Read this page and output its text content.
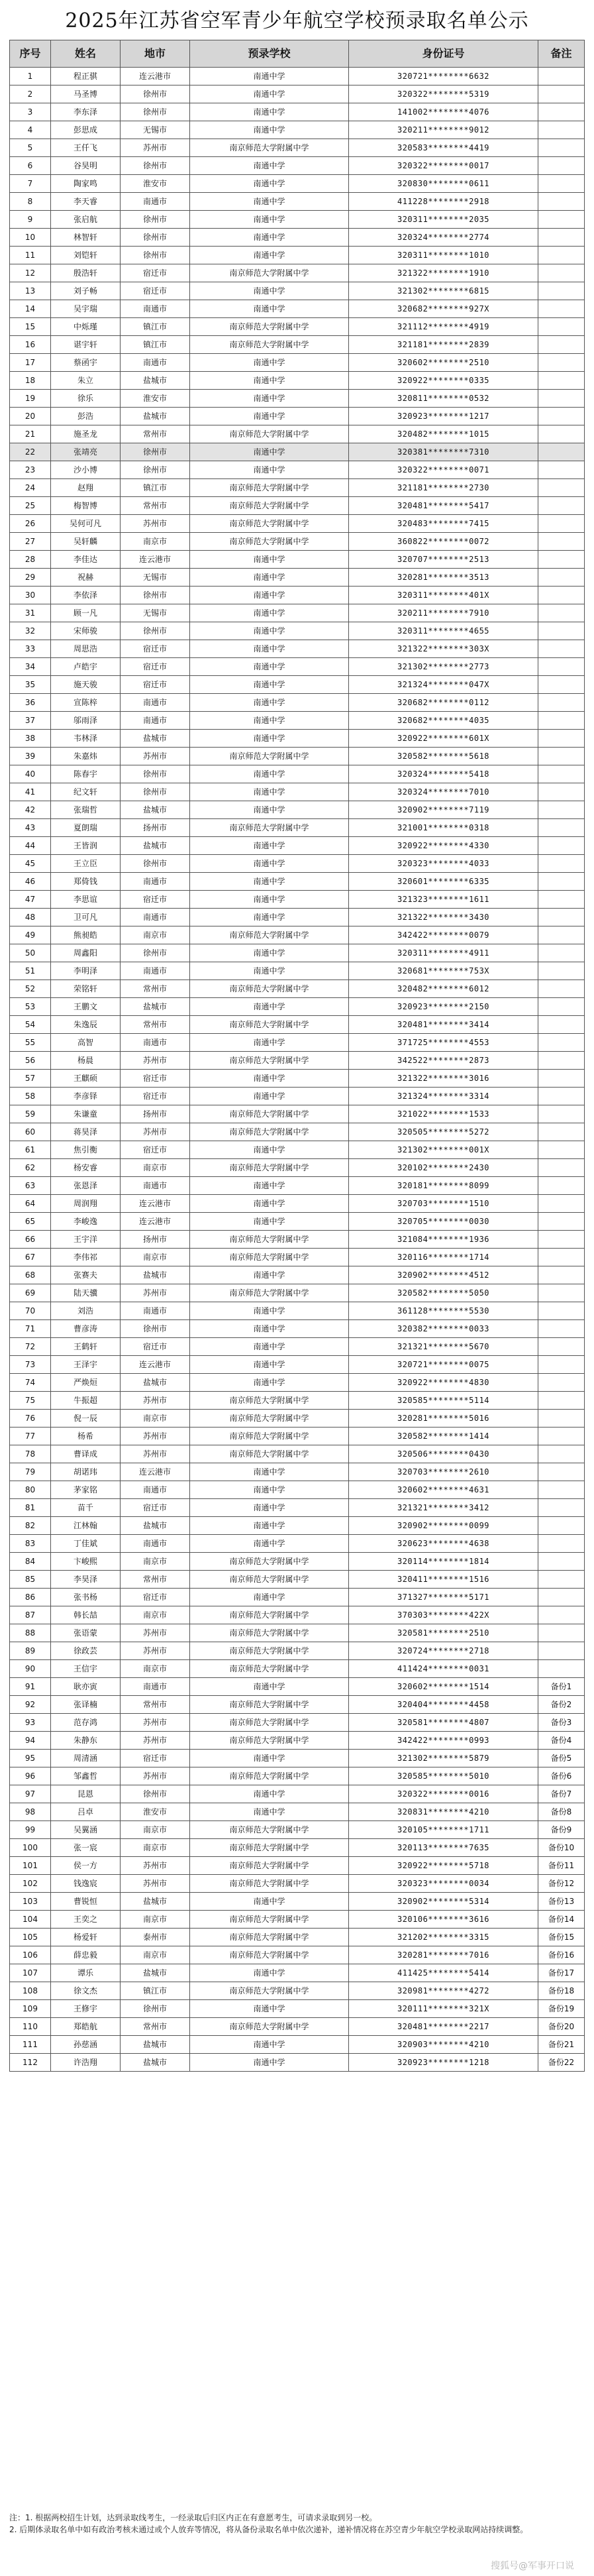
2025年江苏省空军青少年航空学校预录取名单公示
序号	姓名	地市	预录学校	身份证号	备注
1	程正骐	连云港市	南通中学	320721********6632	
2	马圣博	徐州市	南通中学	320322********5319	
3	李东泽	徐州市	南通中学	141002********4076	
4	彭思成	无锡市	南通中学	320211********9012	
5	王仟飞	苏州市	南京师范大学附属中学	320583********4419	
6	谷昊明	徐州市	南通中学	320322********0017	
7	陶家鸣	淮安市	南通中学	320830********0611	
8	李天睿	南通市	南通中学	411228********2918	
9	张启航	徐州市	南通中学	320311********2035	
10	林智轩	徐州市	南通中学	320324********2774	
11	刘铠轩	徐州市	南通中学	320311********1010	
12	殷浩轩	宿迁市	南京师范大学附属中学	321322********1910	
13	刘子畅	宿迁市	南通中学	321302********6815	
14	吴宇瑞	南通市	南通中学	320682********927X	
15	中烁瑾	镇江市	南京师范大学附属中学	321112********4919	
16	谌宇轩	镇江市	南京师范大学附属中学	321181********2839	
17	蔡函宇	南通市	南通中学	320602********2510	
18	朱立	盐城市	南通中学	320922********0335	
19	徐乐	淮安市	南通中学	320811********0532	
20	彭浩	盐城市	南通中学	320923********1217	
21	施圣龙	常州市	南京师范大学附属中学	320482********1015	
22	张靖亮	徐州市	南通中学	320381********7310	
23	沙小博	徐州市	南通中学	320322********0071	
24	赵翔	镇江市	南京师范大学附属中学	321181********2730	
25	梅智博	常州市	南京师范大学附属中学	320481********5417	
26	吴何可凡	苏州市	南京师范大学附属中学	320483********7415	
27	吴轩麟	南京市	南京师范大学附属中学	360822********0072	
28	李佳达	连云港市	南通中学	320707********2513	
29	祝赫	无锡市	南通中学	320281********3513	
30	李依泽	徐州市	南通中学	320311********401X	
31	顾一凡	无锡市	南通中学	320211********7910	
32	宋师骏	徐州市	南通中学	320311********4655	
33	周思浩	宿迁市	南通中学	321322********303X	
34	卢皓宇	宿迁市	南通中学	321302********2773	
35	施天骏	宿迁市	南通中学	321324********047X	
36	宣陈梓	南通市	南通中学	320682********0112	
37	邬雨泽	南通市	南通中学	320682********4035	
38	韦林泽	盐城市	南通中学	320922********601X	
39	朱嘉炜	苏州市	南京师范大学附属中学	320582********5618	
40	陈春宇	徐州市	南通中学	320324********5418	
41	纪文轩	徐州市	南通中学	320324********7010	
42	张瑞哲	盐城市	南通中学	320902********7119	
43	夏朗瑞	扬州市	南京师范大学附属中学	321001********0318	
44	王皆润	盐城市	南通中学	320922********4330	
45	王立臣	徐州市	南通中学	320323********4033	
46	郑倚钱	南通市	南通中学	320601********6335	
47	李思谊	宿迁市	南通中学	321323********1611	
48	卫可凡	南通市	南通中学	321322********3430	
49	熊昶皓	南京市	南京师范大学附属中学	342422********0079	
50	周鑫阳	徐州市	南通中学	320311********4911	
51	李明泽	南通市	南通中学	320681********753X	
52	荣铭轩	常州市	南京师范大学附属中学	320482********6012	
53	王鹏文	盐城市	南通中学	320923********2150	
54	朱逸辰	常州市	南京师范大学附属中学	320481********3414	
55	高智	南通市	南通中学	371725********4553	
56	杨晨	苏州市	南京师范大学附属中学	342522********2873	
57	王麒硕	宿迁市	南通中学	321322********3016	
58	李彦铎	宿迁市	南通中学	321324********3314	
59	朱谦童	扬州市	南京师范大学附属中学	321022********1533	
60	蒋昊泽	苏州市	南京师范大学附属中学	320505********5272	
61	焦引衡	宿迁市	南通中学	321302********001X	
62	杨安睿	南京市	南京师范大学附属中学	320102********2430	
63	张恩泽	南通市	南通中学	320181********8099	
64	周润翔	连云港市	南通中学	320703********1510	
65	李峻逸	连云港市	南通中学	320705********0030	
66	王宇洋	扬州市	南京师范大学附属中学	321084********1936	
67	李伟祁	南京市	南京师范大学附属中学	320116********1714	
68	张赛夫	盐城市	南通中学	320902********4512	
69	陆天骥	苏州市	南京师范大学附属中学	320582********5050	
70	刘浩	南通市	南通中学	361128********5530	
71	曹彦涛	徐州市	南通中学	320382********0033	
72	王鹤轩	宿迁市	南通中学	321321********5670	
73	王泽宇	连云港市	南通中学	320721********0075	
74	严焕烜	盐城市	南通中学	320922********4830	
75	牛振超	苏州市	南京师范大学附属中学	320585********5114	
76	倪一辰	南京市	南京师范大学附属中学	320281********5016	
77	杨希	苏州市	南京师范大学附属中学	320582********1414	
78	曹译成	苏州市	南京师范大学附属中学	320506********0430	
79	胡诺玮	连云港市	南通中学	320703********2610	
80	茅家铭	南通市	南通中学	320602********4631	
81	苗千	宿迁市	南通中学	321321********3412	
82	江林翰	盐城市	南通中学	320902********0099	
83	丁佳斌	南通市	南通中学	320623********4638	
84	卞峻熙	南京市	南京师范大学附属中学	320114********1814	
85	李昊泽	常州市	南京师范大学附属中学	320411********1516	
86	张书杨	宿迁市	南通中学	371327********5171	
87	韩长喆	南京市	南京师范大学附属中学	370303********422X	
88	张语蒙	苏州市	南京师范大学附属中学	320581********2510	
89	徐政芸	苏州市	南京师范大学附属中学	320724********2718	
90	王信宇	南京市	南京师范大学附属中学	411424********0031	
91	耿亦寅	南通市	南通中学	320602********1514	备份1
92	张译楠	常州市	南京师范大学附属中学	320404********4458	备份2
93	范存鸿	苏州市	南京师范大学附属中学	320581********4807	备份3
94	朱静东	苏州市	南京师范大学附属中学	342422********0993	备份4
95	周清涵	宿迁市	南通中学	321302********5879	备份5
96	邹鑫哲	苏州市	南京师范大学附属中学	320585********5010	备份6
97	昆恩	徐州市	南通中学	320322********0016	备份7
98	吕卓	淮安市	南通中学	320831********4210	备份8
99	吴翼涵	南京市	南京师范大学附属中学	320105********1711	备份9
100	张一宸	南京市	南京师范大学附属中学	320113********7635	备份10
101	侯一方	苏州市	南京师范大学附属中学	320922********5718	备份11
102	钱逸宸	苏州市	南京师范大学附属中学	320323********0034	备份12
103	曹锐恒	盐城市	南通中学	320902********5314	备份13
104	王奕之	南京市	南京师范大学附属中学	320106********3616	备份14
105	杨爱轩	泰州市	南京师范大学附属中学	321202********3315	备份15
106	薛忠毅	南京市	南京师范大学附属中学	320281********7016	备份16
107	谭乐	盐城市	南通中学	411425********5414	备份17
108	徐文杰	镇江市	南京师范大学附属中学	320981********4272	备份18
109	王修宇	徐州市	南通中学	320111********321X	备份19
110	郑皓航	常州市	南京师范大学附属中学	320481********2217	备份20
111	孙慈涵	盐城市	南通中学	320903********4210	备份21
112	许浩翔	盐城市	南通中学	320923********1218	备份22

注：1. 根据两校招生计划，达到录取线考生，一经录取后归区内正在有意愿考生，可请求录取到另一校。

2. 后期体录取名单中如有政治考核未通过或个人放弃等情况，将从备份录取名单中依次递补，递补情况将在苏空青少年航空学校录取网站持续调整。

搜狐号@军事开口说
